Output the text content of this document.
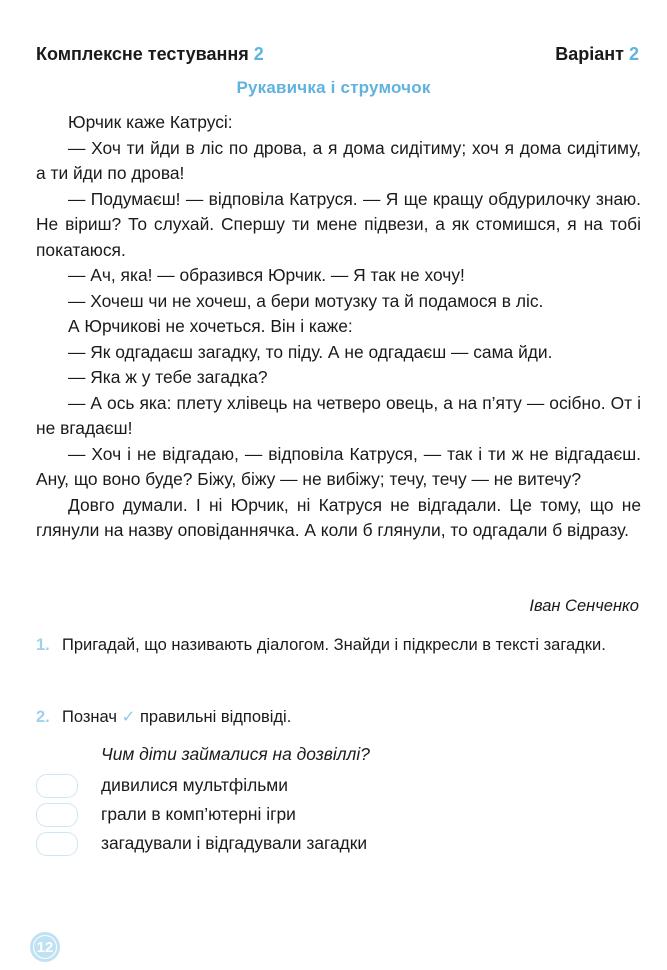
Комплексне тестування 2	Варіант 2
Рукавичка і струмочок

Юрчик каже Катрусі:

— Хоч ти йди в ліс по дрова, а я дома сидітиму; хоч я дома сидітиму, а ти йди по дрова!

— Подумаєш! — відповіла Катруся. — Я ще кращу обдурилочку знаю. Не віриш? То слухай. Спершу ти мене підвези, а як стомишся, я на тобі покатаюся.

— Ач, яка! — образився Юрчик. — Я так не хочу!

— Хочеш чи не хочеш, а бери мотузку та й подамося в ліс.

А Юрчикові не хочеться. Він і каже:

— Як одгадаєш загадку, то піду. А не одгадаєш — сама йди.

— Яка ж у тебе загадка?

— А ось яка: плету хлівець на четверо овець, а на п’яту — осібно. От і не вгадаєш!

— Хоч і не відгадаю, — відповіла Катруся, — так і ти ж не відгадаєш. Ану, що воно буде? Біжу, біжу — не вибіжу; течу, течу — не витечу?

Довго думали. І ні Юрчик, ні Катруся не відгадали. Це тому, що не глянули на назву оповіданнячка. А коли б глянули, то одгадали б відразу.

Іван Сенченко
1. Пригадай, що називають діалогом. Знайди і підкресли в тексті загадки.
2. Познач ✓ правильні відповіді.
Чим діти займалися на дозвіллі?
дивилися мультфільми
грали в комп’ютерні ігри
загадували і відгадували загадки
12
